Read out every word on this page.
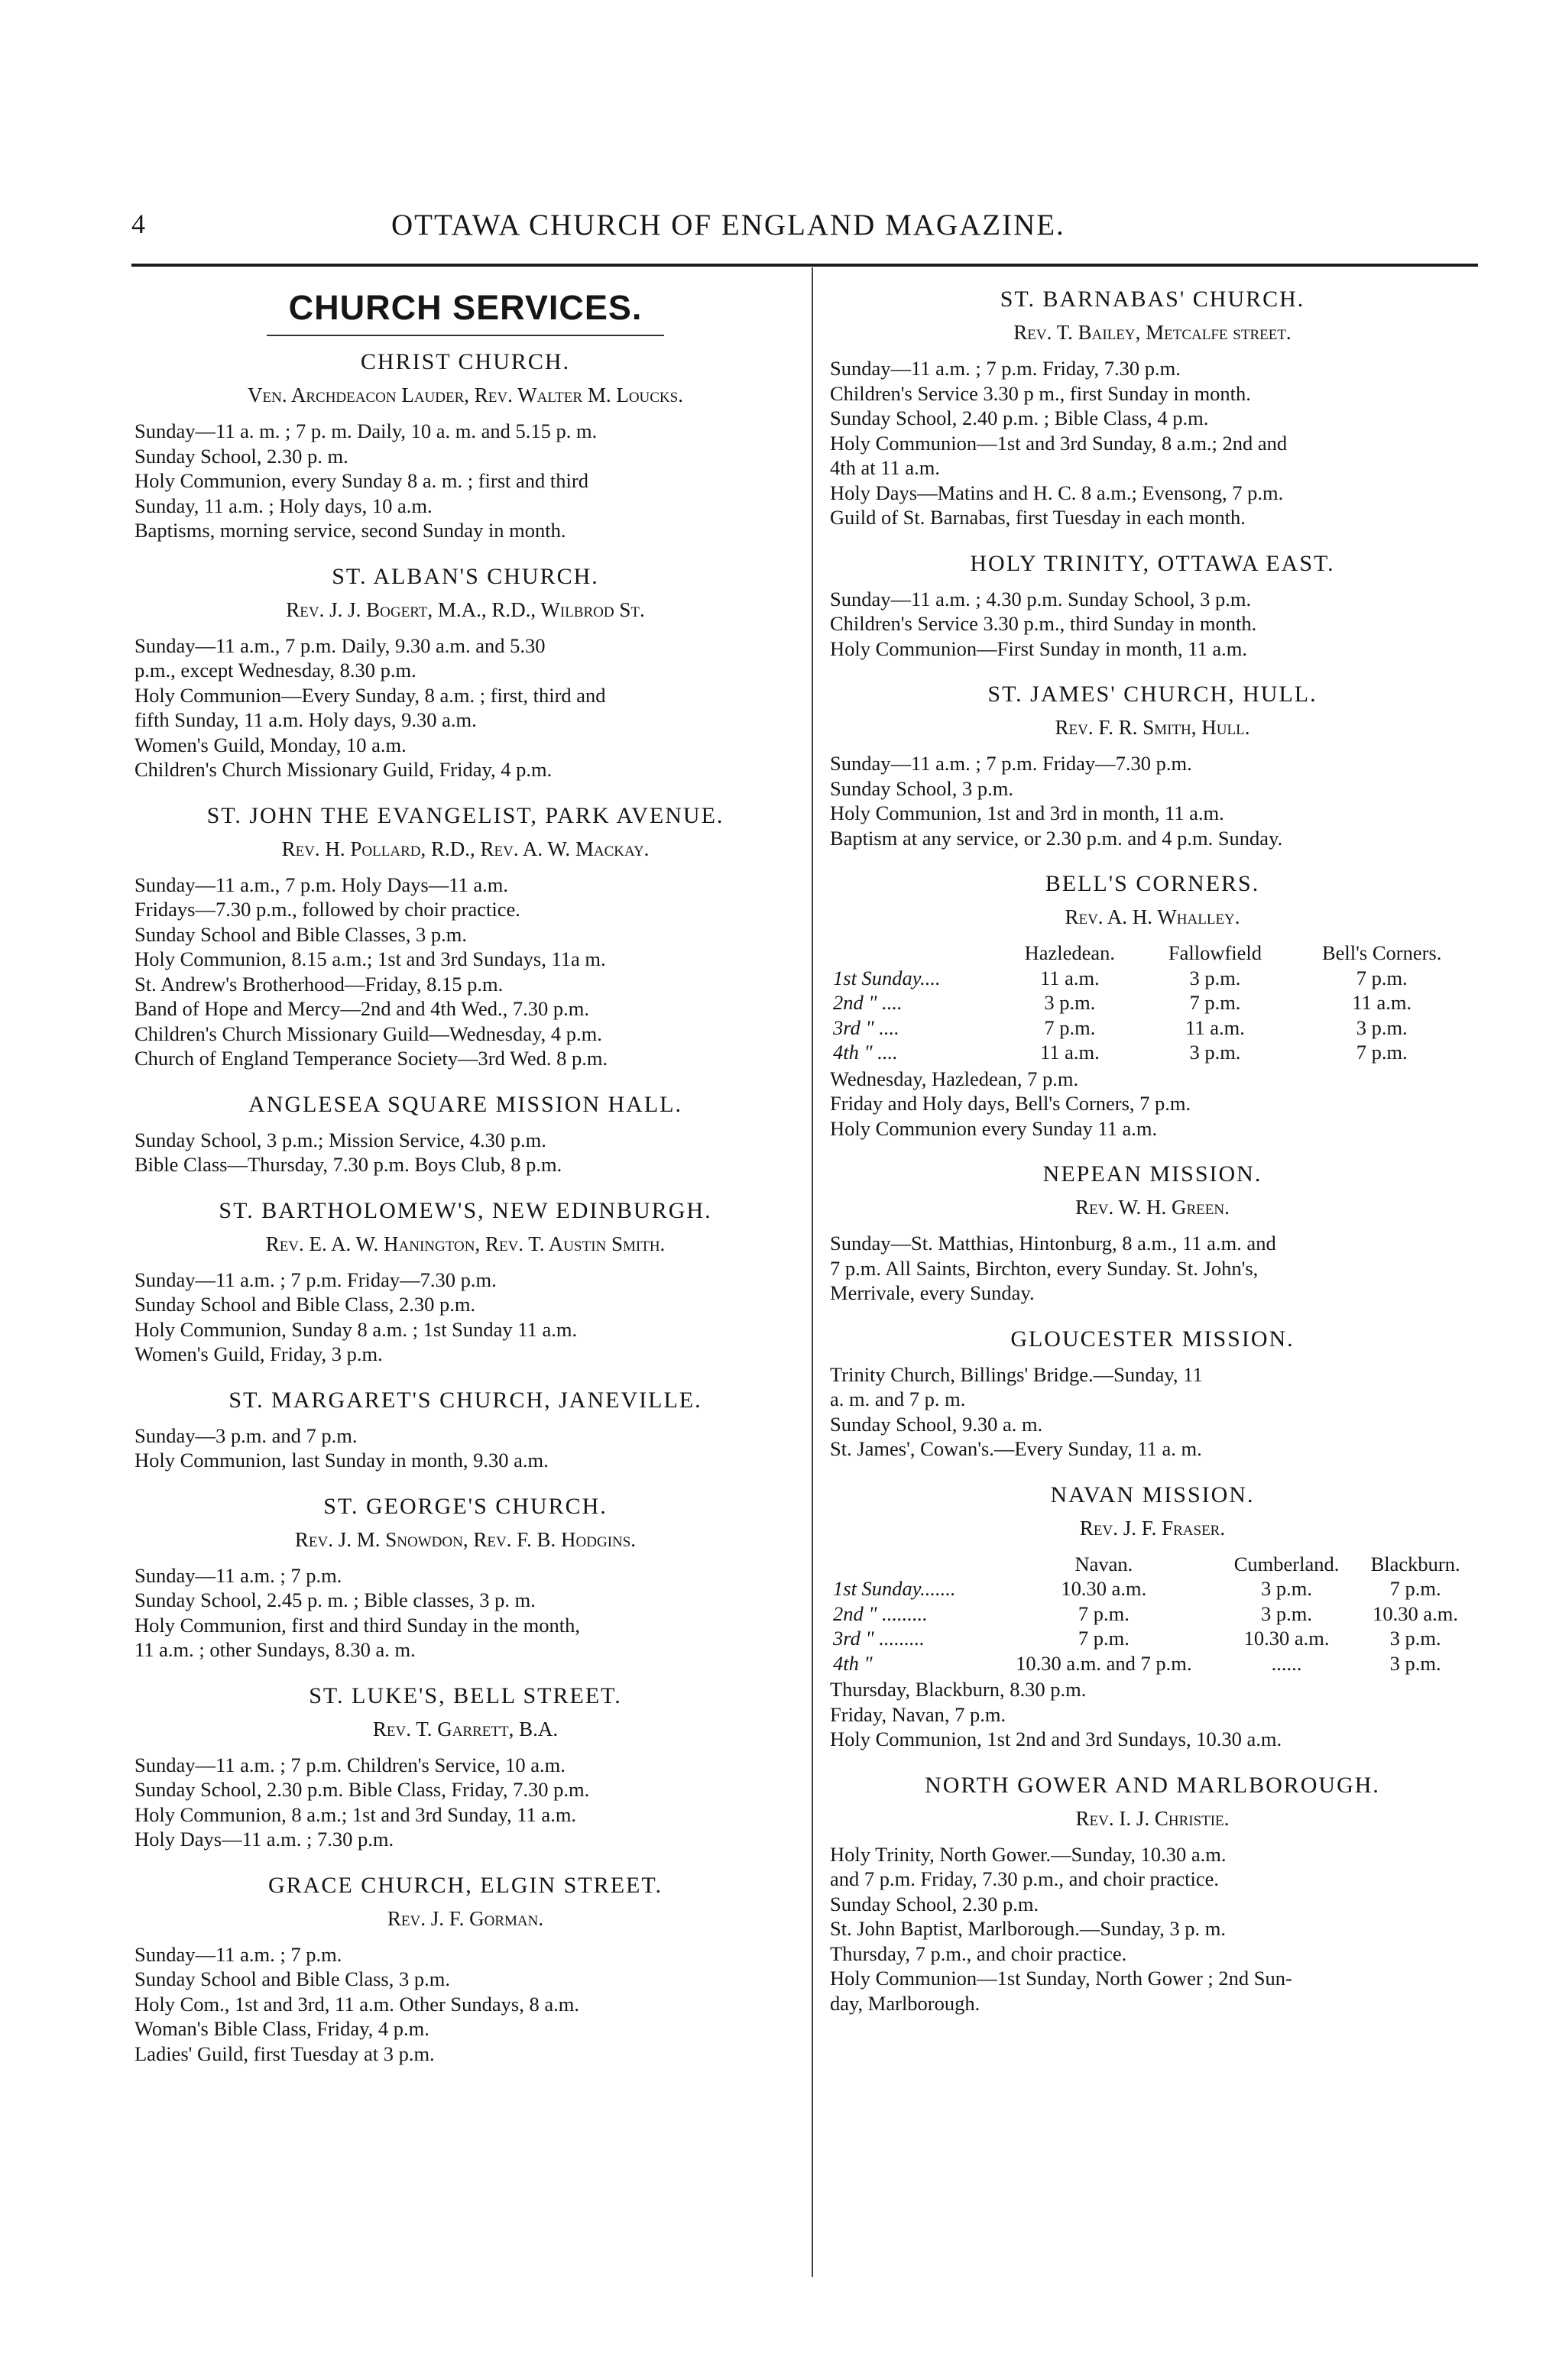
4	OTTAWA CHURCH OF ENGLAND MAGAZINE.
CHURCH SERVICES.
CHRIST CHURCH.
Ven. Archdeacon Lauder, Rev. Walter M. Loucks.
Sunday—11 a. m. ; 7 p. m. Daily, 10 a. m. and 5.15 p. m.
Sunday School, 2.30 p. m.
Holy Communion, every Sunday 8 a. m. ; first and third
Sunday, 11 a.m. ; Holy days, 10 a.m.
Baptisms, morning service, second Sunday in month.
ST. ALBAN'S CHURCH.
Rev. J. J. Bogert, M.A., R.D., Wilbrod St.
Sunday—11 a.m., 7 p.m. Daily, 9.30 a.m. and 5.30
p.m., except Wednesday, 8.30 p.m.
Holy Communion—Every Sunday, 8 a.m. ; first, third and
fifth Sunday, 11 a.m. Holy days, 9.30 a.m.
Women's Guild, Monday, 10 a.m.
Children's Church Missionary Guild, Friday, 4 p.m.
ST. JOHN THE EVANGELIST, PARK AVENUE.
Rev. H. Pollard, R.D., Rev. A. W. Mackay.
Sunday—11 a.m., 7 p.m. Holy Days—11 a.m.
Fridays—7.30 p.m., followed by choir practice.
Sunday School and Bible Classes, 3 p.m.
Holy Communion, 8.15 a.m.; 1st and 3rd Sundays, 11a m.
St. Andrew's Brotherhood—Friday, 8.15 p.m.
Band of Hope and Mercy—2nd and 4th Wed., 7.30 p.m.
Children's Church Missionary Guild—Wednesday, 4 p.m.
Church of England Temperance Society—3rd Wed. 8 p.m.
ANGLESEA SQUARE MISSION HALL.
Sunday School, 3 p.m.; Mission Service, 4.30 p.m.
Bible Class—Thursday, 7.30 p.m. Boys Club, 8 p.m.
ST. BARTHOLOMEW'S, NEW EDINBURGH.
Rev. E. A. W. Hanington, Rev. T. Austin Smith.
Sunday—11 a.m. ; 7 p.m. Friday—7.30 p.m.
Sunday School and Bible Class, 2.30 p.m.
Holy Communion, Sunday 8 a.m. ; 1st Sunday 11 a.m.
Women's Guild, Friday, 3 p.m.
ST. MARGARET'S CHURCH, JANEVILLE.
Sunday—3 p.m. and 7 p.m.
Holy Communion, last Sunday in month, 9.30 a.m.
ST. GEORGE'S CHURCH.
Rev. J. M. Snowdon, Rev. F. B. Hodgins.
Sunday—11 a.m. ; 7 p.m.
Sunday School, 2.45 p. m. ; Bible classes, 3 p. m.
Holy Communion, first and third Sunday in the month,
11 a.m. ; other Sundays, 8.30 a. m.
ST. LUKE'S, BELL STREET.
Rev. T. Garrett, B.A.
Sunday—11 a.m. ; 7 p.m. Children's Service, 10 a.m.
Sunday School, 2.30 p.m. Bible Class, Friday, 7.30 p.m.
Holy Communion, 8 a.m.; 1st and 3rd Sunday, 11 a.m.
Holy Days—11 a.m. ; 7.30 p.m.
GRACE CHURCH, ELGIN STREET.
Rev. J. F. Gorman.
Sunday—11 a.m. ; 7 p.m.
Sunday School and Bible Class, 3 p.m.
Holy Com., 1st and 3rd, 11 a.m. Other Sundays, 8 a.m.
Woman's Bible Class, Friday, 4 p.m.
Ladies' Guild, first Tuesday at 3 p.m.
ST. BARNABAS' CHURCH.
Rev. T. Bailey, Metcalfe street.
Sunday—11 a.m. ; 7 p.m. Friday, 7.30 p.m.
Children's Service 3.30 p m., first Sunday in month.
Sunday School, 2.40 p.m. ; Bible Class, 4 p.m.
Holy Communion—1st and 3rd Sunday, 8 a.m.; 2nd and
4th at 11 a.m.
Holy Days—Matins and H. C. 8 a.m.; Evensong, 7 p.m.
Guild of St. Barnabas, first Tuesday in each month.
HOLY TRINITY, OTTAWA EAST.
Sunday—11 a.m. ; 4.30 p.m. Sunday School, 3 p.m.
Children's Service 3.30 p.m., third Sunday in month.
Holy Communion—First Sunday in month, 11 a.m.
ST. JAMES' CHURCH, HULL.
Rev. F. R. Smith, Hull.
Sunday—11 a.m. ; 7 p.m. Friday—7.30 p.m.
Sunday School, 3 p.m.
Holy Communion, 1st and 3rd in month, 11 a.m.
Baptism at any service, or 2.30 p.m. and 4 p.m. Sunday.
BELL'S CORNERS.
Rev. A. H. Whalley.
	Hazledean.	Fallowfield	Bell's Corners.
1st Sunday....	11 a.m.	3 p.m.	7 p.m.
2nd " ....	3 p.m.	7 p.m.	11 a.m.
3rd " ....	7 p.m.	11 a.m.	3 p.m.
4th " ....	11 a.m.	3 p.m.	7 p.m.
Wednesday, Hazledean, 7 p.m.
Friday and Holy days, Bell's Corners, 7 p.m.
Holy Communion every Sunday 11 a.m.
NEPEAN MISSION.
Rev. W. H. Green.
Sunday—St. Matthias, Hintonburg, 8 a.m., 11 a.m. and
7 p.m. All Saints, Birchton, every Sunday. St. John's,
Merrivale, every Sunday.
GLOUCESTER MISSION.
Trinity Church, Billings' Bridge.—Sunday, 11
a. m. and 7 p. m.
Sunday School, 9.30 a. m.
St. James', Cowan's.—Every Sunday, 11 a. m.
NAVAN MISSION.
Rev. J. F. Fraser.
	Navan.	Cumberland.	Blackburn.
1st Sunday.......	10.30 a.m.	3 p.m.	7 p.m.
2nd " .........	7 p.m.	3 p.m.	10.30 a.m.
3rd " .........	7 p.m.	10.30 a.m.	3 p.m.
4th "	10.30 a.m. and 7 p.m.	......	3 p.m.
Thursday, Blackburn, 8.30 p.m.
Friday, Navan, 7 p.m.
Holy Communion, 1st 2nd and 3rd Sundays, 10.30 a.m.
NORTH GOWER AND MARLBOROUGH.
Rev. I. J. Christie.
Holy Trinity, North Gower.—Sunday, 10.30 a.m.
and 7 p.m. Friday, 7.30 p.m., and choir practice.
Sunday School, 2.30 p.m.
St. John Baptist, Marlborough.—Sunday, 3 p. m.
Thursday, 7 p.m., and choir practice.
Holy Communion—1st Sunday, North Gower ; 2nd Sun-
day, Marlborough.
